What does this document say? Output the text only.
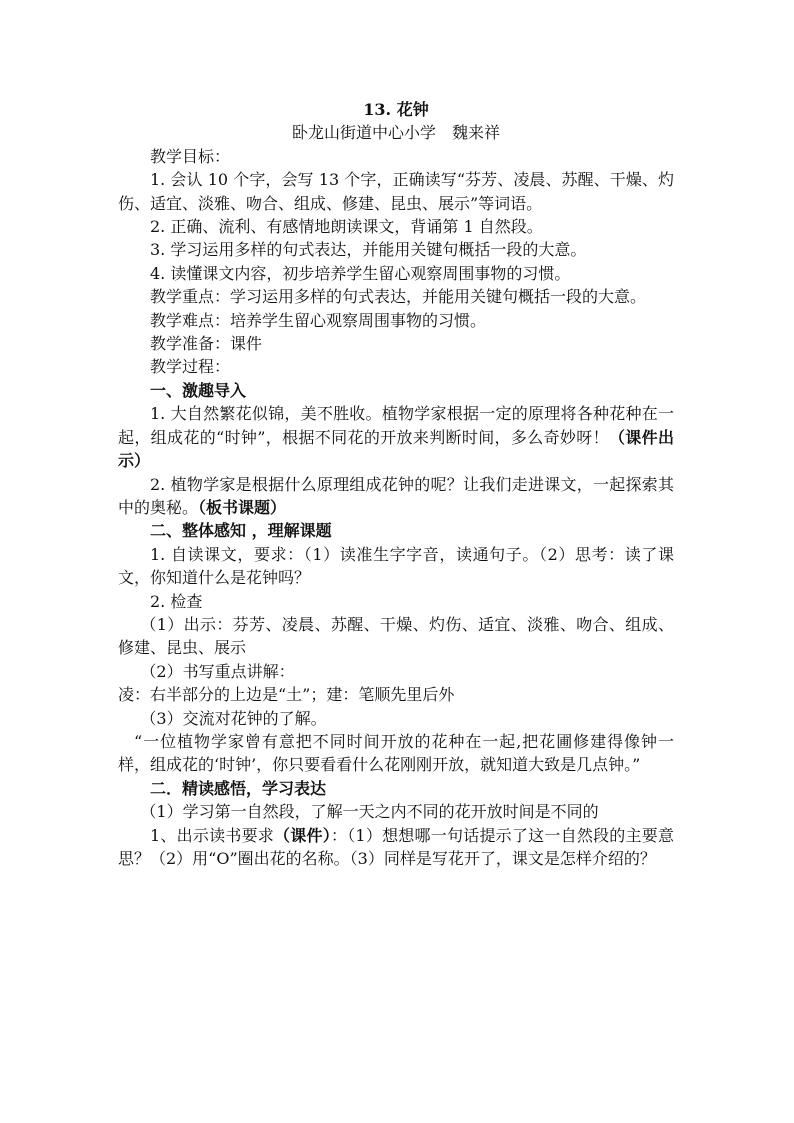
13. 花钟
卧龙山街道中心小学　魏来祥

教学目标：

1. 会认 10 个字，会写 13 个字，正确读写“芬芳、凌晨、苏醒、干燥、灼伤、适宜、淡雅、吻合、组成、修建、昆虫、展示”等词语。

2. 正确、流利、有感情地朗读课文，背诵第 1 自然段。

3. 学习运用多样的句式表达，并能用关键句概括一段的大意。

4. 读懂课文内容，初步培养学生留心观察周围事物的习惯。

教学重点：学习运用多样的句式表达，并能用关键句概括一段的大意。

教学难点：培养学生留心观察周围事物的习惯。

教学准备：课件

教学过程：

一、激趣导入

1. 大自然繁花似锦，美不胜收。植物学家根据一定的原理将各种花种在一起，组成花的“时钟”，根据不同花的开放来判断时间，多么奇妙呀！（课件出示）

2. 植物学家是根据什么原理组成花钟的呢？让我们走进课文，一起探索其中的奥秘。（板书课题）

二、整体感知 ，理解课题

1. 自读课文，要求：（1）读准生字字音，读通句子。（2）思考：读了课文，你知道什么是花钟吗？

2. 检查

（1）出示：芬芳、凌晨、苏醒、干燥、灼伤、适宜、淡雅、吻合、组成、修建、昆虫、展示

（2）书写重点讲解：

凌：右半部分的上边是“土”；建：笔顺先里后外

（3）交流对花钟的了解。

“一位植物学家曾有意把不同时间开放的花种在一起,把花圃修建得像钟一样，组成花的‘时钟’，你只要看看什么花刚刚开放，就知道大致是几点钟。”

二．精读感悟，学习表达

（1）学习第一自然段，了解一天之内不同的花开放时间是不同的

1、出示读书要求（课件）：（1）想想哪一句话提示了这一自然段的主要意思？（2）用“O”圈出花的名称。（3）同样是写花开了，课文是怎样介绍的？
